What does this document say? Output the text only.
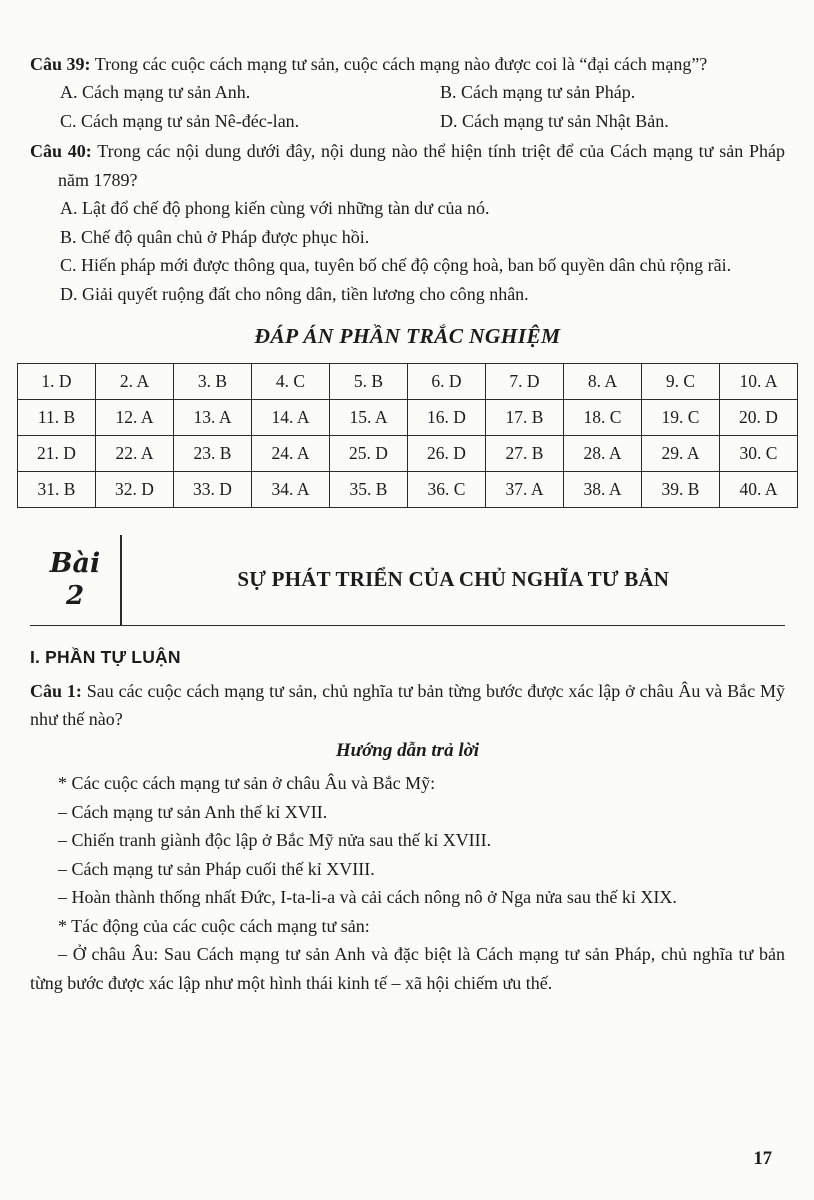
Câu 39: Trong các cuộc cách mạng tư sản, cuộc cách mạng nào được coi là “đại cách mạng”?

A. Cách mạng tư sản Anh.	B. Cách mạng tư sản Pháp.

C. Cách mạng tư sản Nê-đéc-lan.	D. Cách mạng tư sản Nhật Bản.

Câu 40: Trong các nội dung dưới đây, nội dung nào thể hiện tính triệt để của Cách mạng tư sản Pháp năm 1789?

A. Lật đổ chế độ phong kiến cùng với những tàn dư của nó.

B. Chế độ quân chủ ở Pháp được phục hồi.

C. Hiến pháp mới được thông qua, tuyên bố chế độ cộng hoà, ban bố quyền dân chủ rộng rãi.

D. Giải quyết ruộng đất cho nông dân, tiền lương cho công nhân.

ĐÁP ÁN PHẦN TRẮC NGHIỆM
1. D	2. A	3. B	4. C	5. B	6. D	7. D	8. A	9. C	10. A
11. B	12. A	13. A	14. A	15. A	16. D	17. B	18. C	19. C	20. D
21. D	22. A	23. B	24. A	25. D	26. D	27. B	28. A	29. A	30. C
31. B	32. D	33. D	34. A	35. B	36. C	37. A	38. A	39. B	40. A
Bài
2
SỰ PHÁT TRIỂN CỦA CHỦ NGHĨA TƯ BẢN
I. PHẦN TỰ LUẬN

Câu 1: Sau các cuộc cách mạng tư sản, chủ nghĩa tư bản từng bước được xác lập ở châu Âu và Bắc Mỹ như thế nào?

Hướng dẫn trả lời

* Các cuộc cách mạng tư sản ở châu Âu và Bắc Mỹ:

– Cách mạng tư sản Anh thế kỉ XVII.

– Chiến tranh giành độc lập ở Bắc Mỹ nửa sau thế kỉ XVIII.

– Cách mạng tư sản Pháp cuối thế kỉ XVIII.

– Hoàn thành thống nhất Đức, I-ta-li-a và cải cách nông nô ở Nga nửa sau thế kỉ XIX.

* Tác động của các cuộc cách mạng tư sản:

– Ở châu Âu: Sau Cách mạng tư sản Anh và đặc biệt là Cách mạng tư sản Pháp, chủ nghĩa tư bản từng bước được xác lập như một hình thái kinh tế – xã hội chiếm ưu thế.

17
